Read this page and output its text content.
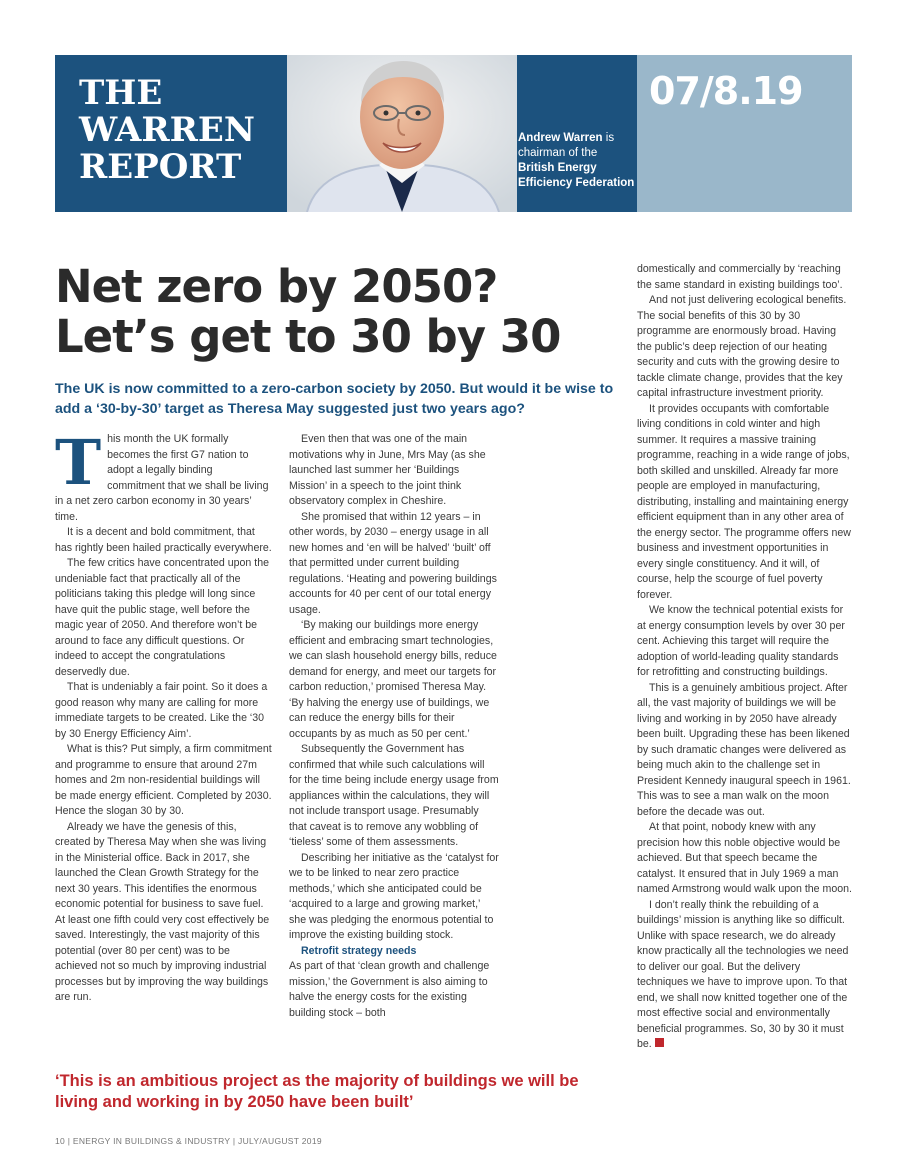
THE
WARREN
REPORT
Andrew Warren is chairman of the British Energy Efficiency Federation
07/8.19
Net zero by 2050?
Let’s get to 30 by 30
The UK is now committed to a zero-carbon society by 2050. But would it be wise to add a ‘30-by-30’ target as Theresa May suggested just two years ago?
T his month the UK formally becomes the first G7 nation to adopt a legally binding commitment that we shall be living in a net zero carbon economy in 30 years’ time.

It is a decent and bold commitment, that has rightly been hailed practically everywhere.

The few critics have concentrated upon the undeniable fact that practically all of the politicians taking this pledge will long since have quit the public stage, well before the magic year of 2050. And therefore won’t be around to face any difficult questions. Or indeed to accept the congratulations deservedly due.

That is undeniably a fair point. So it does a good reason why many are calling for more immediate targets to be created. Like the ‘30 by 30 Energy Efficiency Aim’.

What is this? Put simply, a firm commitment and programme to ensure that around 27m homes and 2m non-residential buildings will be made energy efficient. Completed by 2030. Hence the slogan 30 by 30.

Already we have the genesis of this, created by Theresa May when she was living in the Ministerial office. Back in 2017, she launched the Clean Growth Strategy for the next 30 years. This identifies the enormous economic potential for business to save fuel. At least one fifth could very cost effectively be saved. Interestingly, the vast majority of this potential (over 80 per cent) was to be achieved not so much by improving industrial processes but by improving the way buildings are run.

Even then that was one of the main motivations why in June, Mrs May (as she launched last summer her ‘Buildings Mission’ in a speech to the joint think observatory complex in Cheshire.

She promised that within 12 years – in other words, by 2030 – energy usage in all new homes and ‘en will be halved’ ‘built’ off that permitted under current building regulations. ‘Heating and powering buildings accounts for 40 per cent of our total energy usage.

‘By making our buildings more energy efficient and embracing smart technologies, we can slash household energy bills, reduce demand for energy, and meet our targets for carbon reduction,’ promised Theresa May. ‘By halving the energy use of buildings, we can reduce the energy bills for their occupants by as much as 50 per cent.’

Subsequently the Government has confirmed that while such calculations will for the time being include energy usage from appliances within the calculations, they will not include transport usage. Presumably that caveat is to remove any wobbling of ‘tieless’ some of them assessments.

Describing her initiative as the ‘catalyst for we to be linked to near zero practice methods,’ which she anticipated could be ‘acquired to a large and growing market,’ she was pledging the enormous potential to improve the existing building stock.

Retrofit strategy needs

As part of that ‘clean growth and challenge mission,’ the Government is also aiming to halve the energy costs for the existing building stock – both

domestically and commercially by ‘reaching the same standard in existing buildings too’.

And not just delivering ecological benefits. The social benefits of this 30 by 30 programme are enormously broad. Having the public’s deep rejection of our heating security and cuts with the growing desire to tackle climate change, provides that the key capital infrastructure investment priority.

It provides occupants with comfortable living conditions in cold winter and high summer. It requires a massive training programme, reaching in a wide range of jobs, both skilled and unskilled. Already far more people are employed in manufacturing, distributing, installing and maintaining energy efficient equipment than in any other area of the energy sector. The programme offers new business and investment opportunities in every single constituency. And it will, of course, help the scourge of fuel poverty forever.

We know the technical potential exists for at energy consumption levels by over 30 per cent. Achieving this target will require the adoption of world-leading quality standards for retrofitting and constructing buildings.

This is a genuinely ambitious project. After all, the vast majority of buildings we will be living and working in by 2050 have already been built. Upgrading these has been likened by such dramatic changes were delivered as being much akin to the challenge set in President Kennedy inaugural speech in 1961. This was to see a man walk on the moon before the decade was out.

At that point, nobody knew with any precision how this noble objective would be achieved. But that speech became the catalyst. It ensured that in July 1969 a man named Armstrong would walk upon the moon.

I don’t really think the rebuilding of a buildings’ mission is anything like so difficult. Unlike with space research, we do already know practically all the technologies we need to deliver our goal. But the delivery techniques we have to improve upon. To that end, we shall now knitted together one of the most effective social and environmentally beneficial programmes. So, 30 by 30 it must be.

‘This is an ambitious project as the majority of buildings we will be living and working in by 2050 have been built’
10 | ENERGY IN BUILDINGS & INDUSTRY | JULY/AUGUST 2019
